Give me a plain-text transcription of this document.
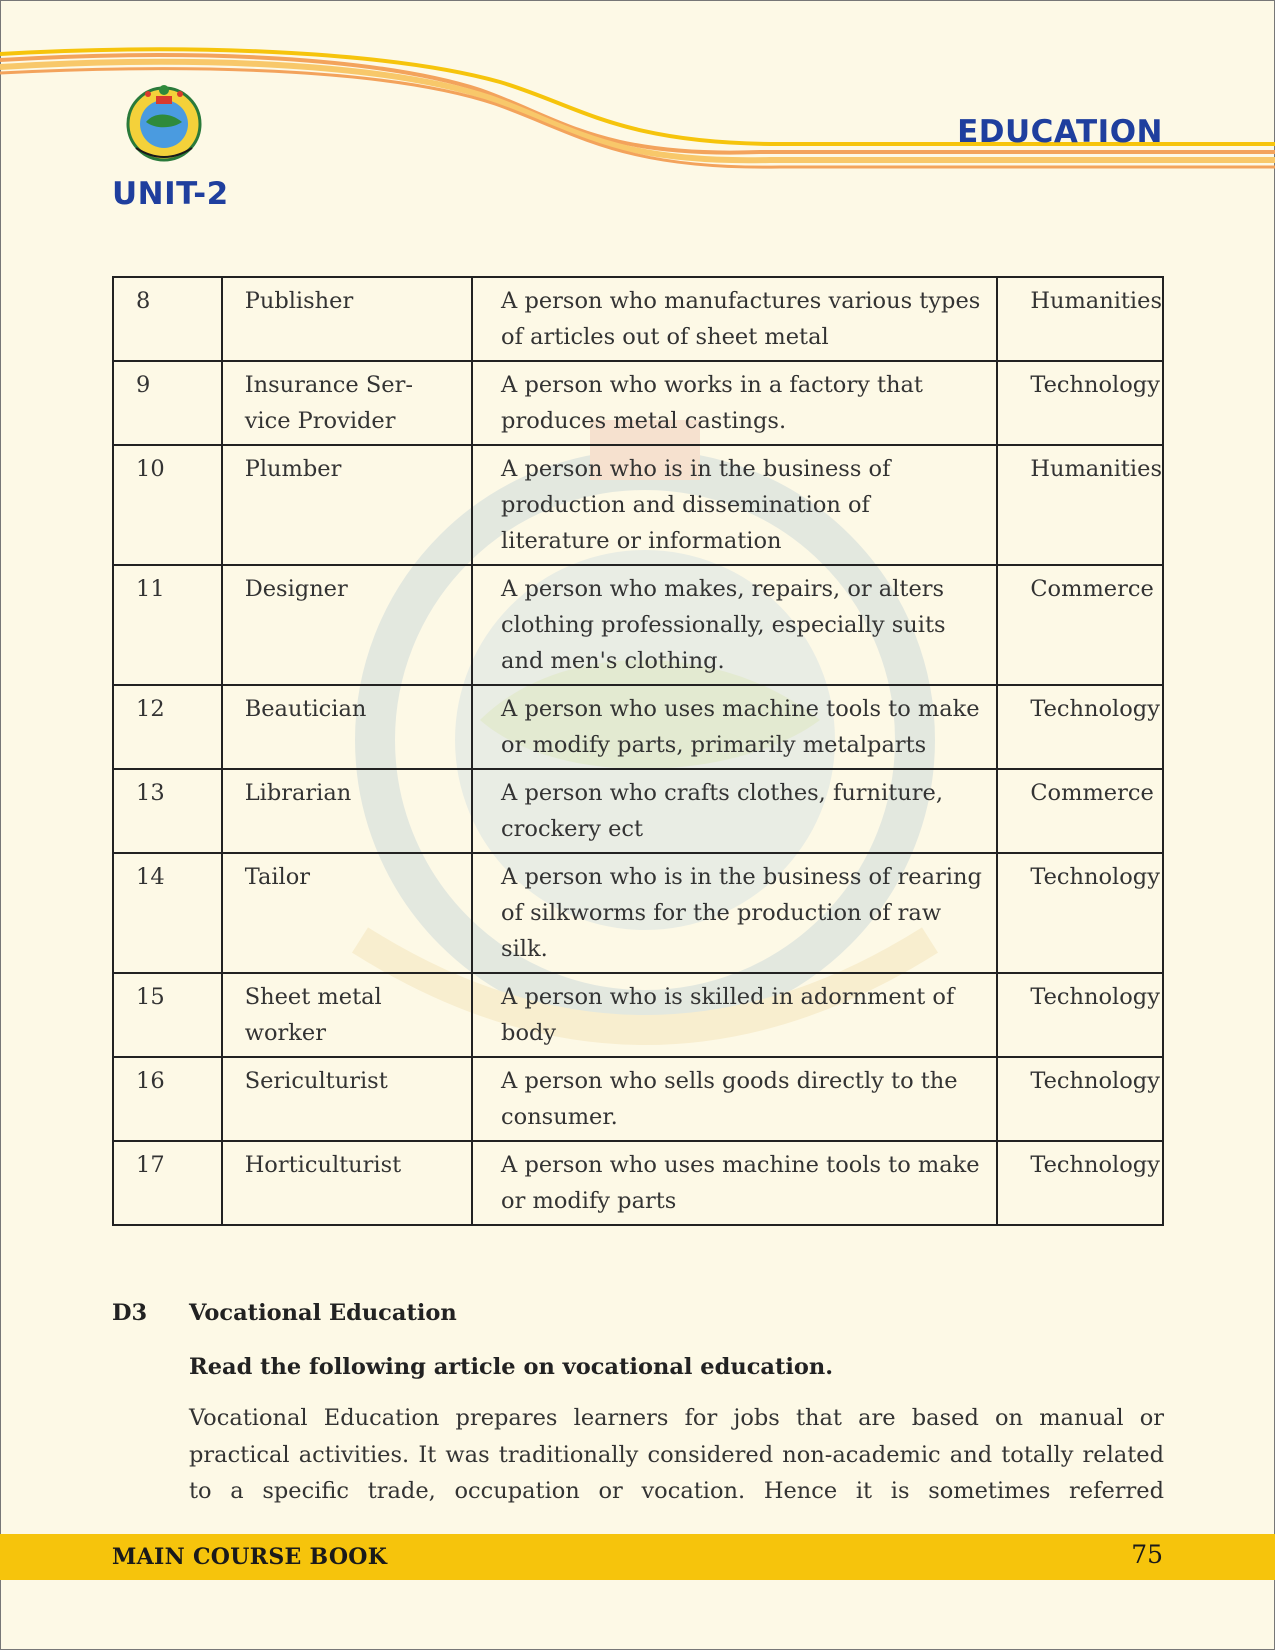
UNIT-2
EDUCATION
8	Publisher	A person who manufactures various types of articles out of sheet metal	Humanities
9	Insurance Ser- vice Provider	A person who works in a factory that produces metal castings.	Technology
10	Plumber	A person who is in the business of production and dissemination of literature or information	Humanities
11	Designer	A person who makes, repairs, or alters clothing professionally, especially suits and men's clothing.	Commerce
12	Beautician	A person who uses machine tools to make or modify parts, primarily metalparts	Technology
13	Librarian	A person who crafts clothes, furniture, crockery ect	Commerce
14	Tailor	A person who is in the business of rearing of silkworms for the production of raw silk.	Technology
15	Sheet metal worker	A person who is skilled in adornment of body	Technology
16	Sericulturist	A person who sells goods directly to the consumer.	Technology
17	Horticulturist	A person who uses machine tools to make or modify parts	Technology
D3	Vocational Education
Read the following article on vocational education.
Vocational Education prepares learners for jobs that are based on manual or practical activities. It was traditionally considered non-academic and totally related to a specific trade, occupation or vocation. Hence it is sometimes referred
MAIN COURSE BOOK	75
